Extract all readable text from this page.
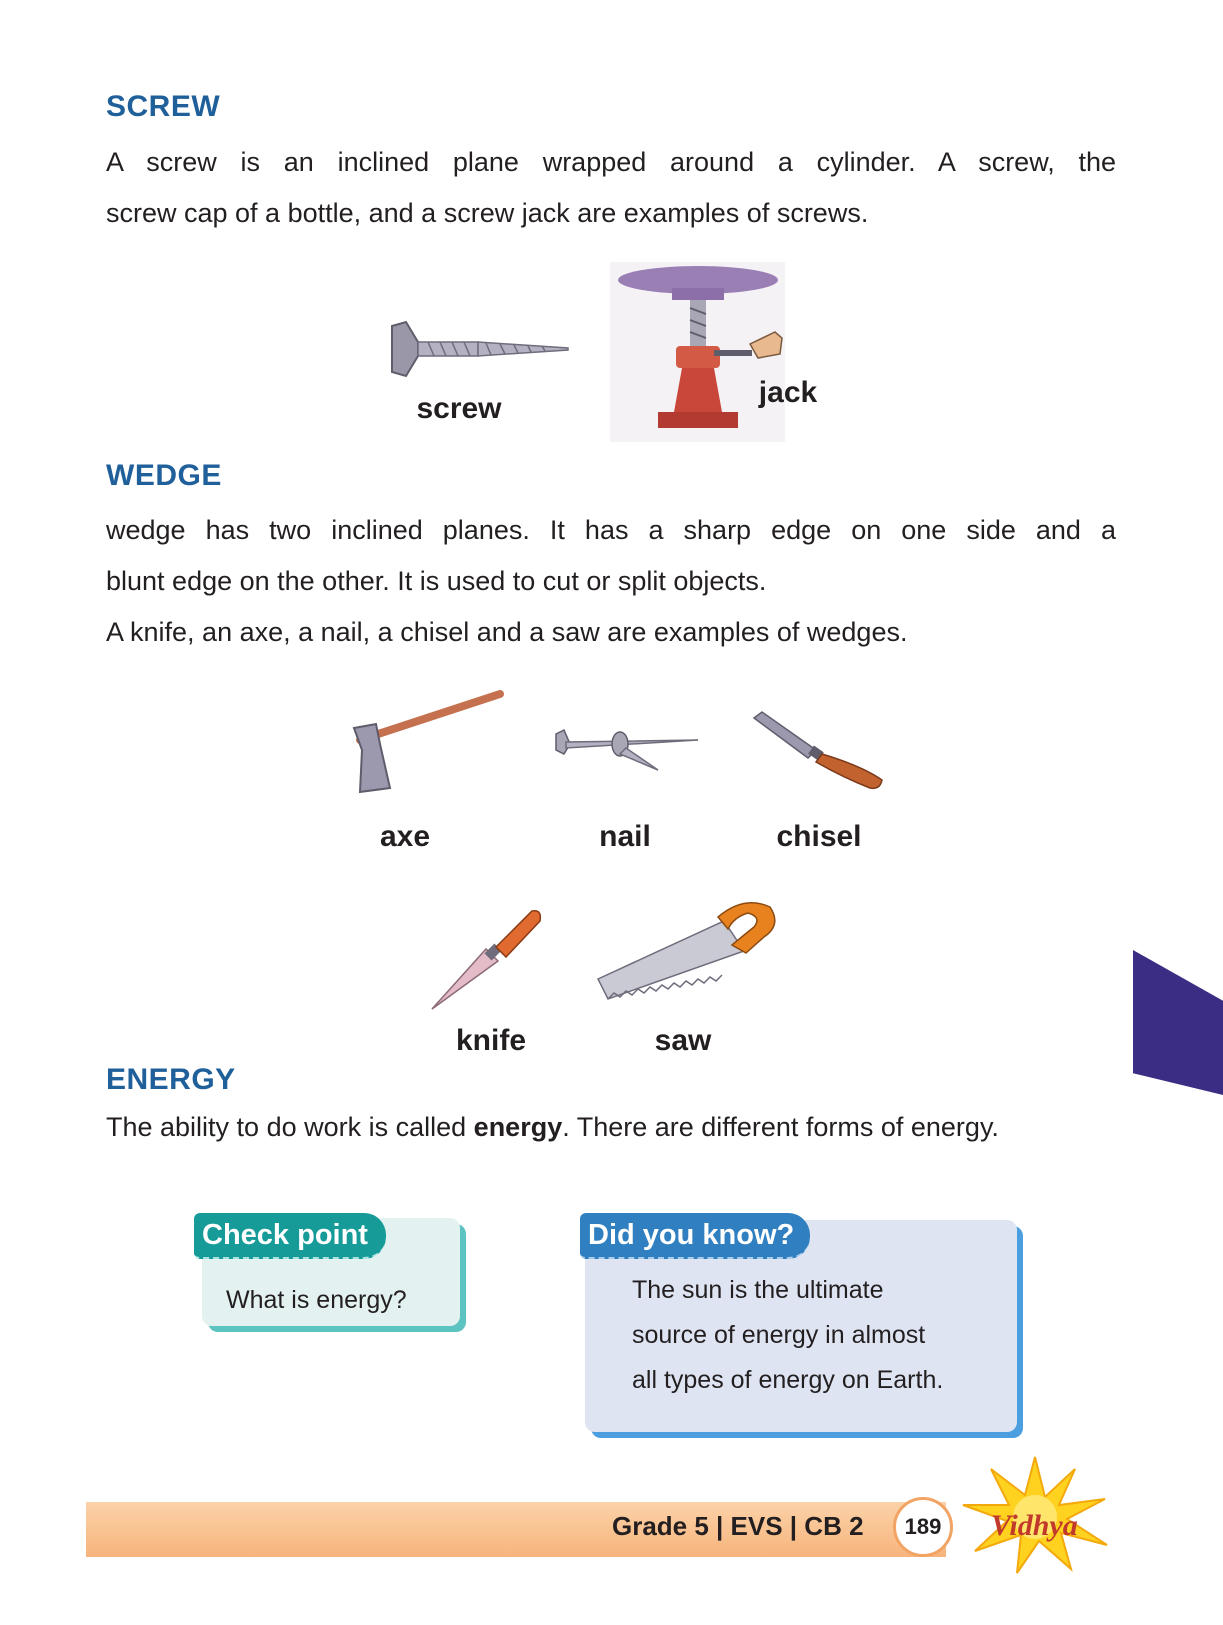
SCREW
A screw is an inclined plane wrapped around a cylinder. A screw, the
screw cap of a bottle, and a screw jack are examples of screws.
screw	jack
WEDGE
wedge has two inclined planes. It has a sharp edge on one side and a
blunt edge on the other. It is used to cut or split objects.
A knife, an axe, a nail, a chisel and a saw are examples of wedges.
axe	nail	chisel
knife	saw
ENERGY
The ability to do work is called energy. There are different forms of energy.
Check point
What is energy?
Did you know?
The sun is the ultimate
source of energy in almost
all types of energy on Earth.
Grade 5 | EVS | CB 2	189	Vidhya
